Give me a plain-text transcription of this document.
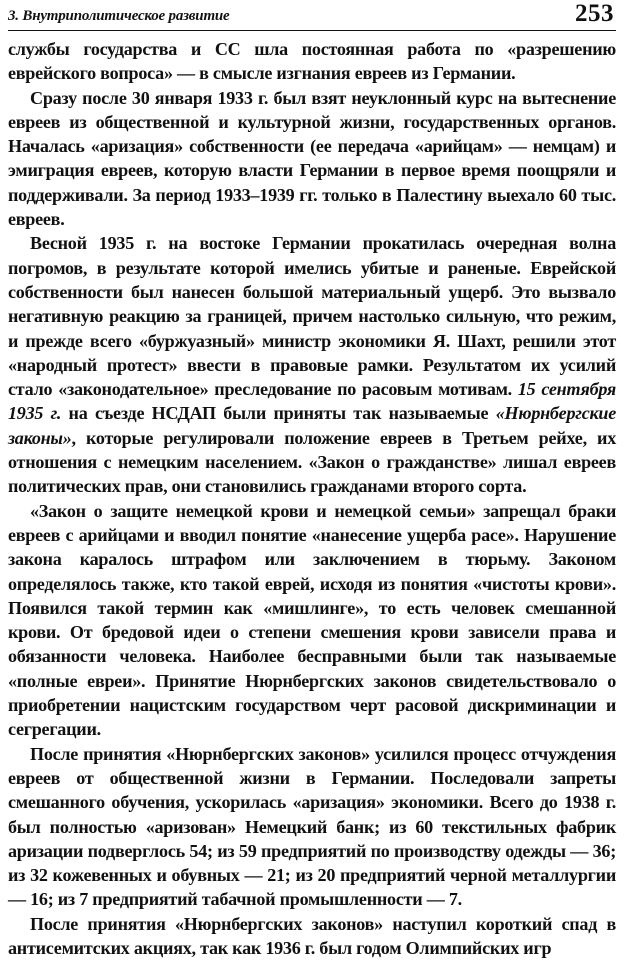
3. Внутриполитическое развитие	253

службы государства и СС шла постоянная работа по «разрешению еврейского вопроса» — в смысле изгнания евреев из Германии.

Сразу после 30 января 1933 г. был взят неуклонный курс на вытеснение евреев из общественной и культурной жизни, государственных органов. Началась «аризация» собственности (ее передача «арийцам» — немцам) и эмиграция евреев, которую власти Германии в первое время поощряли и поддерживали. За период 1933–1939 гг. только в Палестину выехало 60 тыс. евреев.

Весной 1935 г. на востоке Германии прокатилась очередная волна погромов, в результате которой имелись убитые и раненые. Еврейской собственности был нанесен большой материальный ущерб. Это вызвало негативную реакцию за границей, причем настолько сильную, что режим, и прежде всего «буржуазный» министр экономики Я. Шахт, решили этот «народный протест» ввести в правовые рамки. Результатом их усилий стало «законодательное» преследование по расовым мотивам. 15 сентября 1935 г. на съезде НСДАП были приняты так называемые «Нюрнбергские законы», которые регулировали положение евреев в Третьем рейхе, их отношения с немецким населением. «Закон о гражданстве» лишал евреев политических прав, они становились гражданами второго сорта.

«Закон о защите немецкой крови и немецкой семьи» запрещал браки евреев с арийцами и вводил понятие «нанесение ущерба расе». Нарушение закона каралось штрафом или заключением в тюрьму. Законом определялось также, кто такой еврей, исходя из понятия «чистоты крови». Появился такой термин как «мишлинге», то есть человек смешанной крови. От бредовой идеи о степени смешения крови зависели права и обязанности человека. Наиболее бесправными были так называемые «полные евреи». Принятие Нюрнбергских законов свидетельствовало о приобретении нацистским государством черт расовой дискриминации и сегрегации.

После принятия «Нюрнбергских законов» усилился процесс отчуждения евреев от общественной жизни в Германии. Последовали запреты смешанного обучения, ускорилась «аризация» экономики. Всего до 1938 г. был полностью «аризован» Немецкий банк; из 60 текстильных фабрик аризации подверглось 54; из 59 предприятий по производству одежды — 36; из 32 кожевенных и обувных — 21; из 20 предприятий черной металлургии — 16; из 7 предприятий табачной промышленности — 7.

После принятия «Нюрнбергских законов» наступил короткий спад в антисемитских акциях, так как 1936 г. был годом Олимпийских игр
